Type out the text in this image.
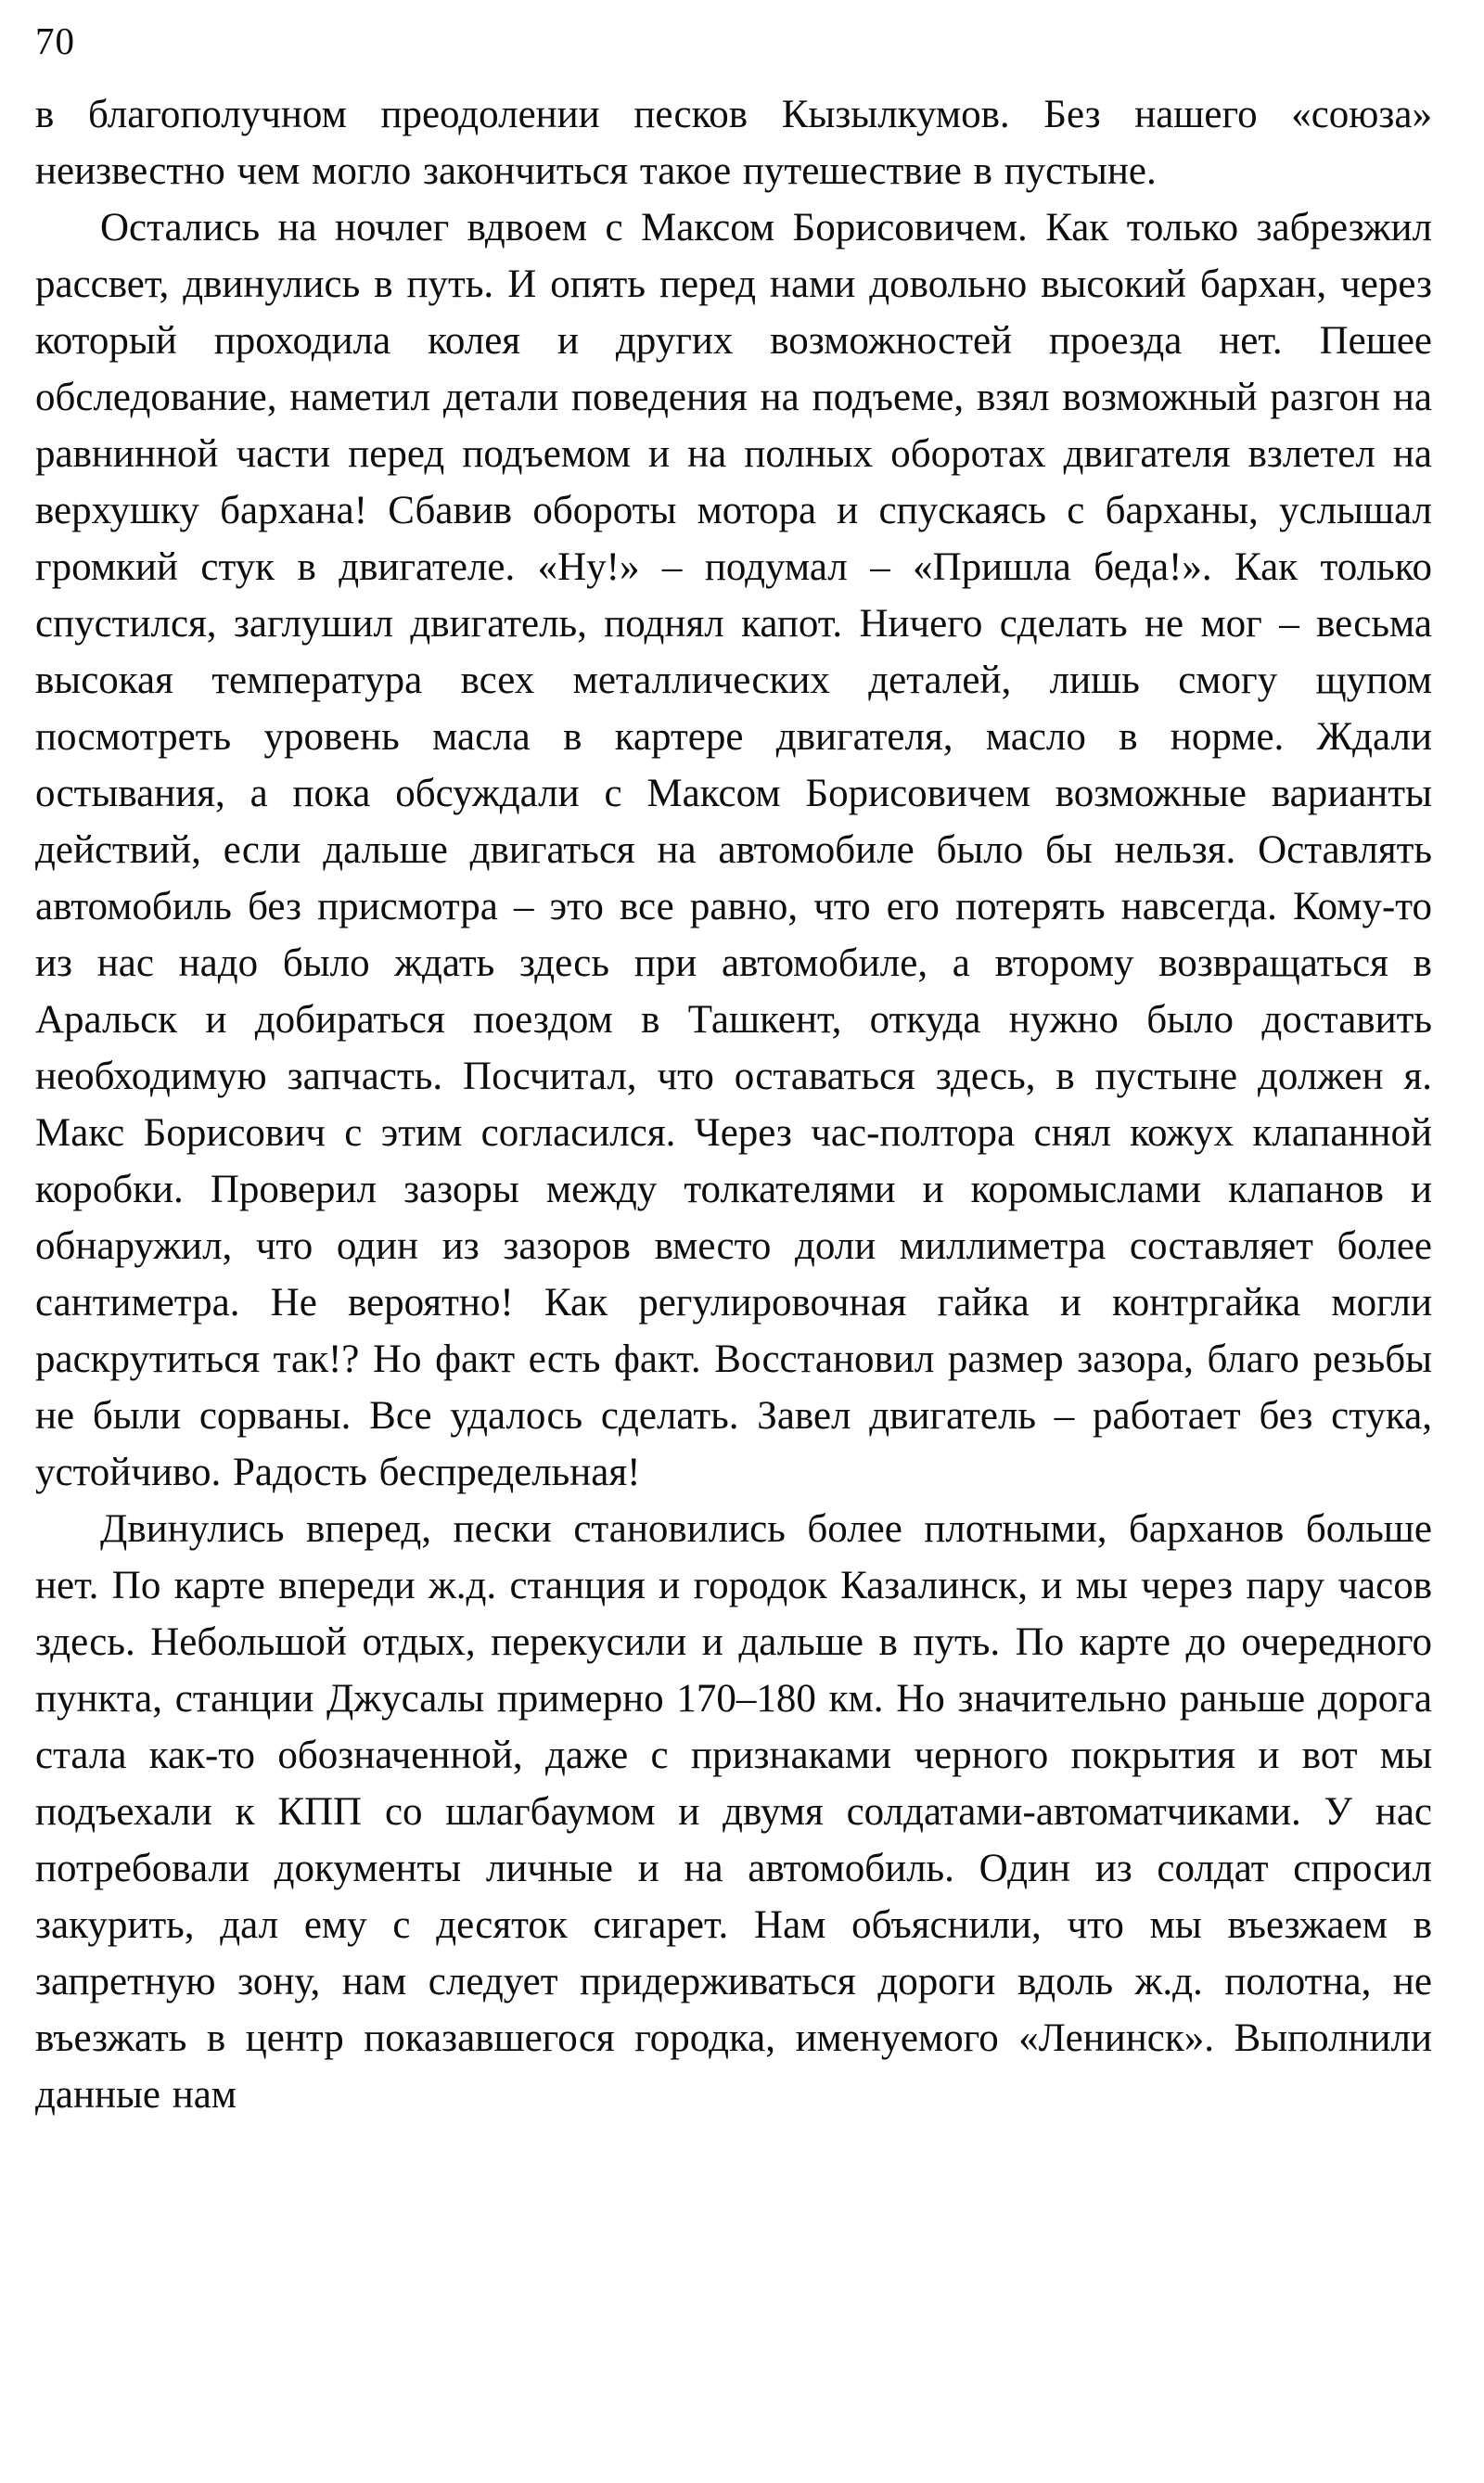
70

в благополучном преодолении песков Кызылкумов. Без нашего «союза» неизвестно чем могло закончиться такое путешествие в пустыне.

Остались на ночлег вдвоем с Максом Борисовичем. Как только забрезжил рассвет, двинулись в путь. И опять перед нами довольно высокий бархан, через который проходила колея и других возможностей проезда нет. Пешее обследование, наметил детали поведения на подъеме, взял возможный разгон на равнинной части перед подъемом и на полных оборотах двигателя взлетел на верхушку бархана! Сбавив обороты мотора и спускаясь с барханы, услышал громкий стук в двигателе. «Ну!» – подумал – «Пришла беда!». Как только спустился, заглушил двигатель, поднял капот. Ничего сделать не мог – весьма высокая температура всех металлических деталей, лишь смогу щупом посмотреть уровень масла в картере двигателя, масло в норме. Ждали остывания, а пока обсуждали с Максом Борисовичем возможные варианты действий, если дальше двигаться на автомобиле было бы нельзя. Оставлять автомобиль без присмотра – это все равно, что его потерять навсегда. Кому-то из нас надо было ждать здесь при автомобиле, а второму возвращаться в Аральск и добираться поездом в Ташкент, откуда нужно было доставить необходимую запчасть. Посчитал, что оставаться здесь, в пустыне должен я. Макс Борисович с этим согласился. Через час-полтора снял кожух клапанной коробки. Проверил зазоры между толкателями и коромыслами клапанов и обнаружил, что один из зазоров вместо доли миллиметра составляет более сантиметра. Не вероятно! Как регулировочная гайка и контргайка могли раскрутиться так!? Но факт есть факт. Восстановил размер зазора, благо резьбы не были сорваны. Все удалось сделать. Завел двигатель – работает без стука, устойчиво. Радость беспредельная!

Двинулись вперед, пески становились более плотными, барханов больше нет. По карте впереди ж.д. станция и городок Казалинск, и мы через пару часов здесь. Небольшой отдых, перекусили и дальше в путь. По карте до очередного пункта, станции Джусалы примерно 170–180 км. Но значительно раньше дорога стала как-то обозначенной, даже с признаками черного покрытия и вот мы подъехали к КПП со шлагбаумом и двумя солдатами-автоматчиками. У нас потребовали документы личные и на автомобиль. Один из солдат спросил закурить, дал ему с десяток сигарет. Нам объяснили, что мы въезжаем в запретную зону, нам следует придерживаться дороги вдоль ж.д. полотна, не въезжать в центр показавшегося городка, именуемого «Ленинск». Выполнили данные нам
